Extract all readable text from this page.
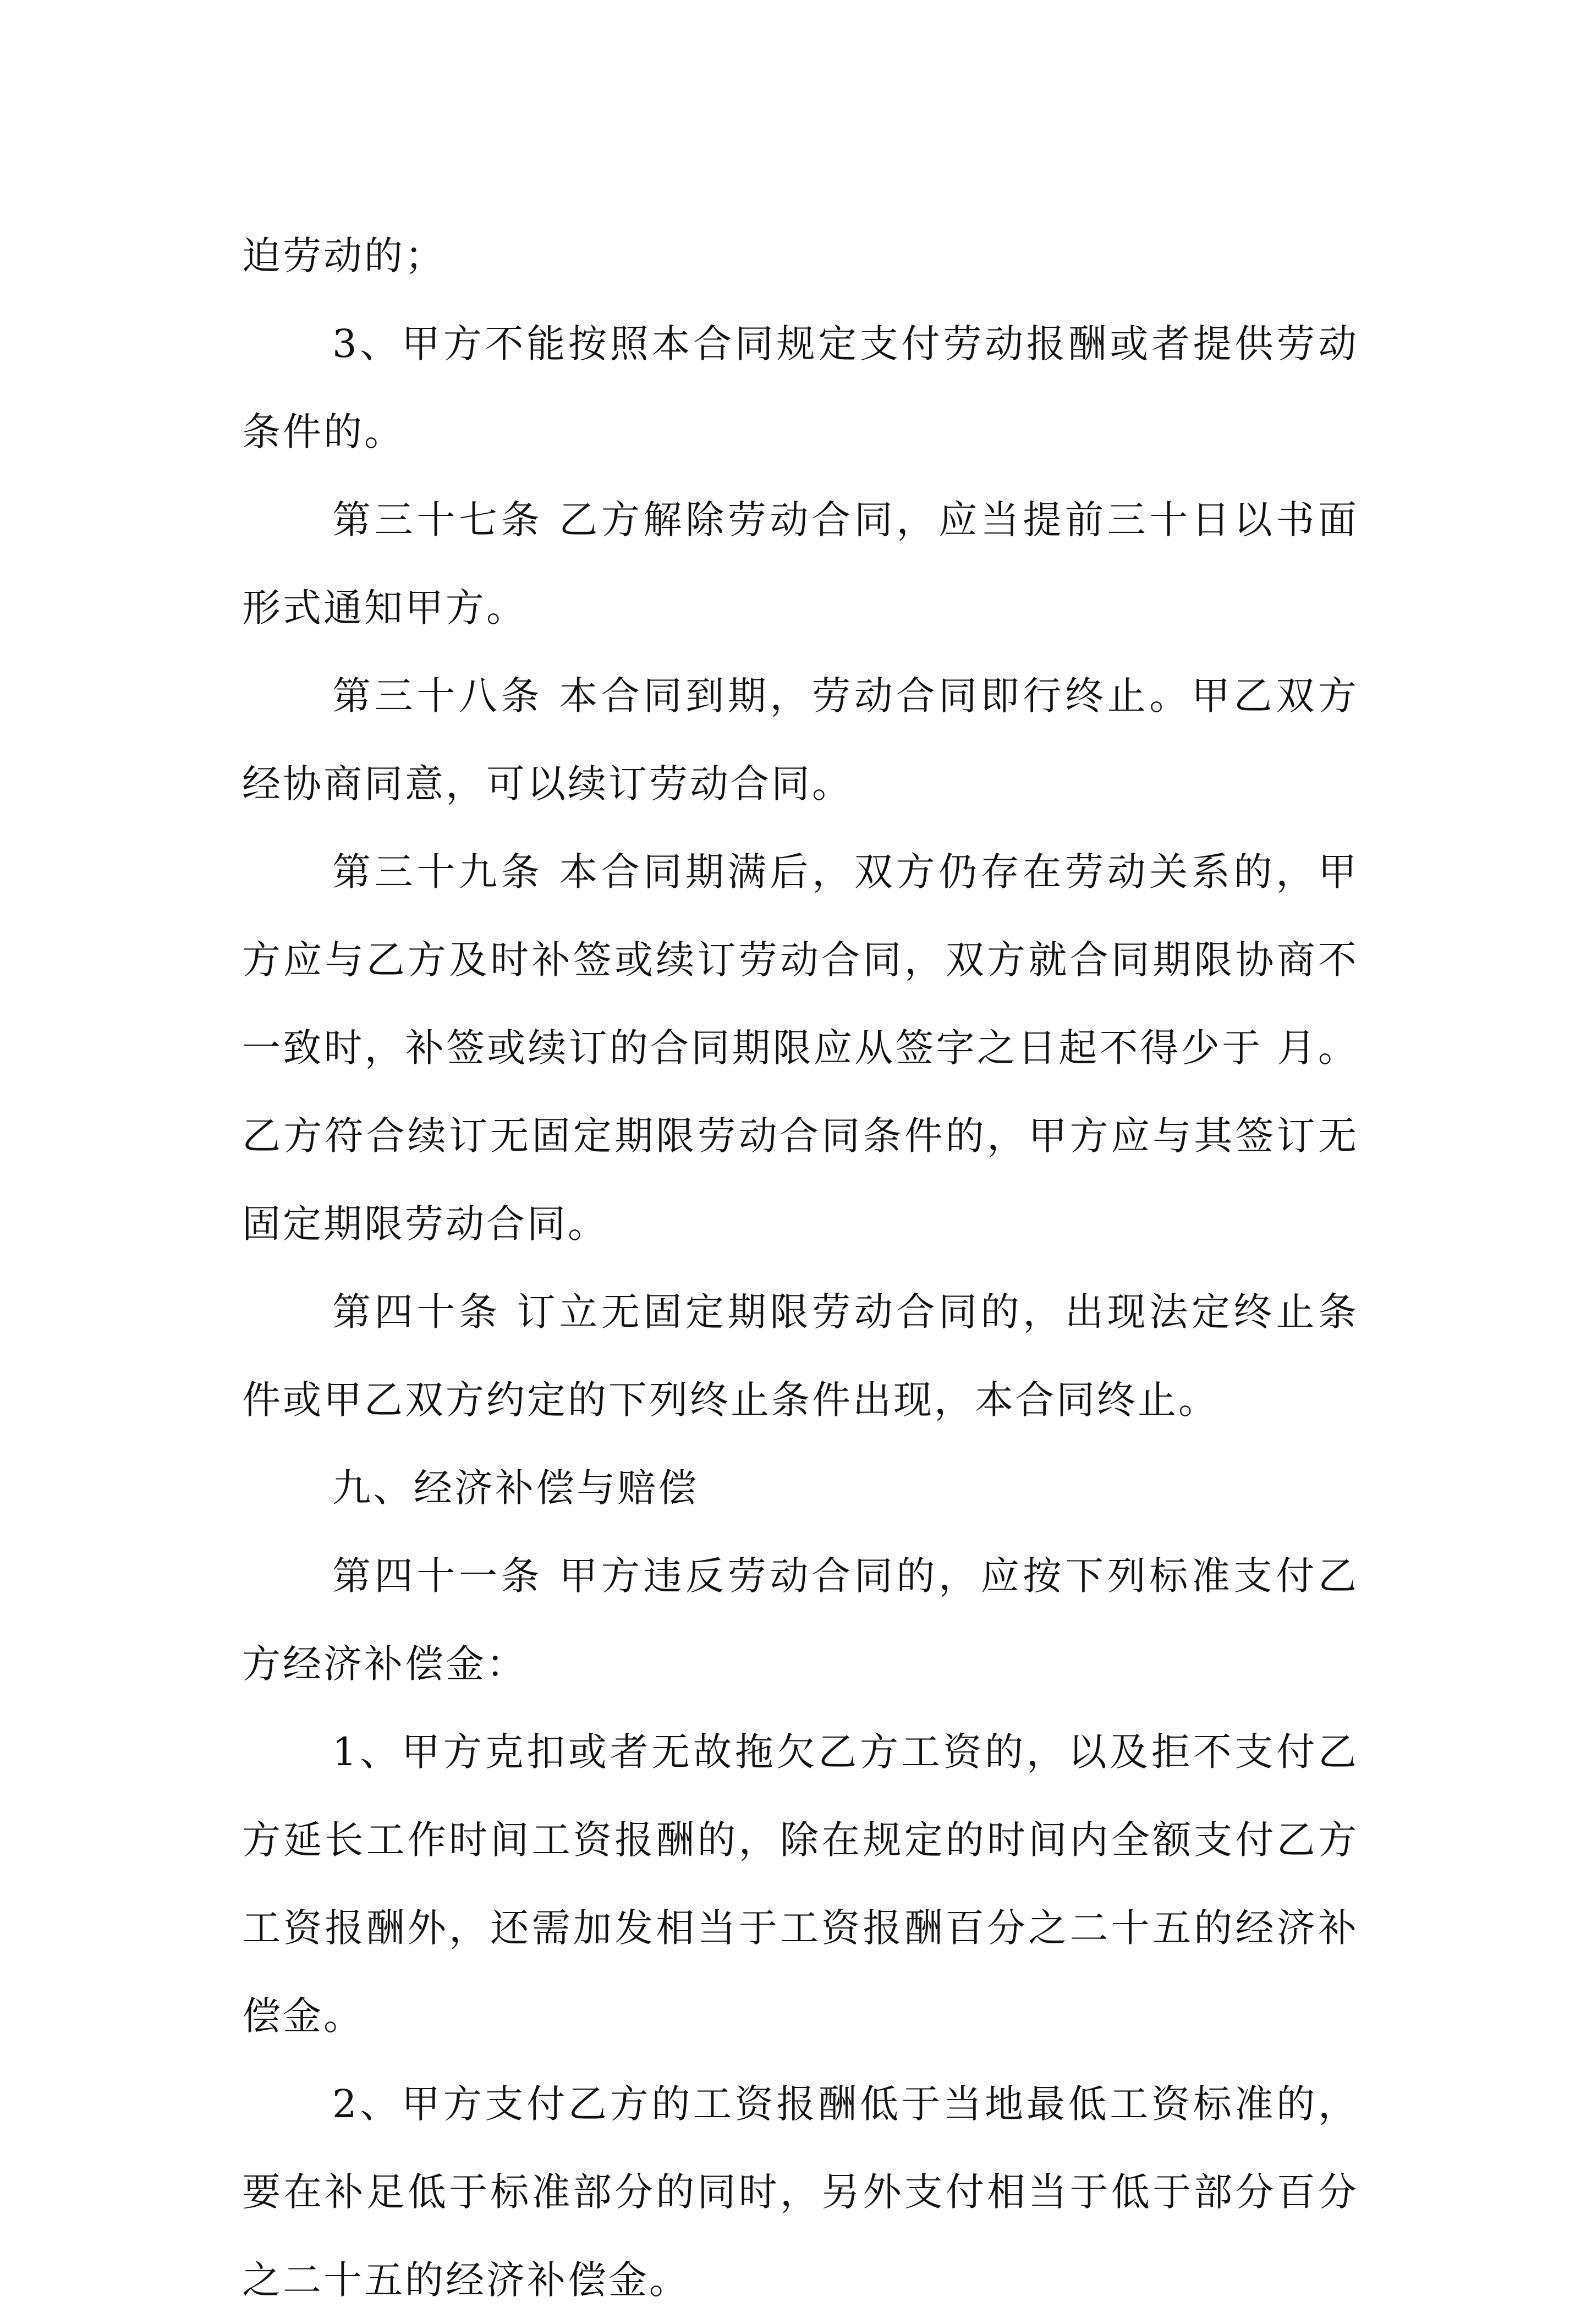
迫劳动的；

3、甲方不能按照本合同规定支付劳动报酬或者提供劳动条件的。

第三十七条 乙方解除劳动合同，应当提前三十日以书面形式通知甲方。

第三十八条 本合同到期，劳动合同即行终止。甲乙双方经协商同意，可以续订劳动合同。

第三十九条 本合同期满后，双方仍存在劳动关系的，甲方应与乙方及时补签或续订劳动合同，双方就合同期限协商不一致时，补签或续订的合同期限应从签字之日起不得少于 月。乙方符合续订无固定期限劳动合同条件的，甲方应与其签订无固定期限劳动合同。

第四十条 订立无固定期限劳动合同的，出现法定终止条件或甲乙双方约定的下列终止条件出现，本合同终止。

九、经济补偿与赔偿

第四十一条 甲方违反劳动合同的，应按下列标准支付乙方经济补偿金：

1、甲方克扣或者无故拖欠乙方工资的，以及拒不支付乙方延长工作时间工资报酬的，除在规定的时间内全额支付乙方工资报酬外，还需加发相当于工资报酬百分之二十五的经济补偿金。

2、甲方支付乙方的工资报酬低于当地最低工资标准的，要在补足低于标准部分的同时，另外支付相当于低于部分百分之二十五的经济补偿金。
